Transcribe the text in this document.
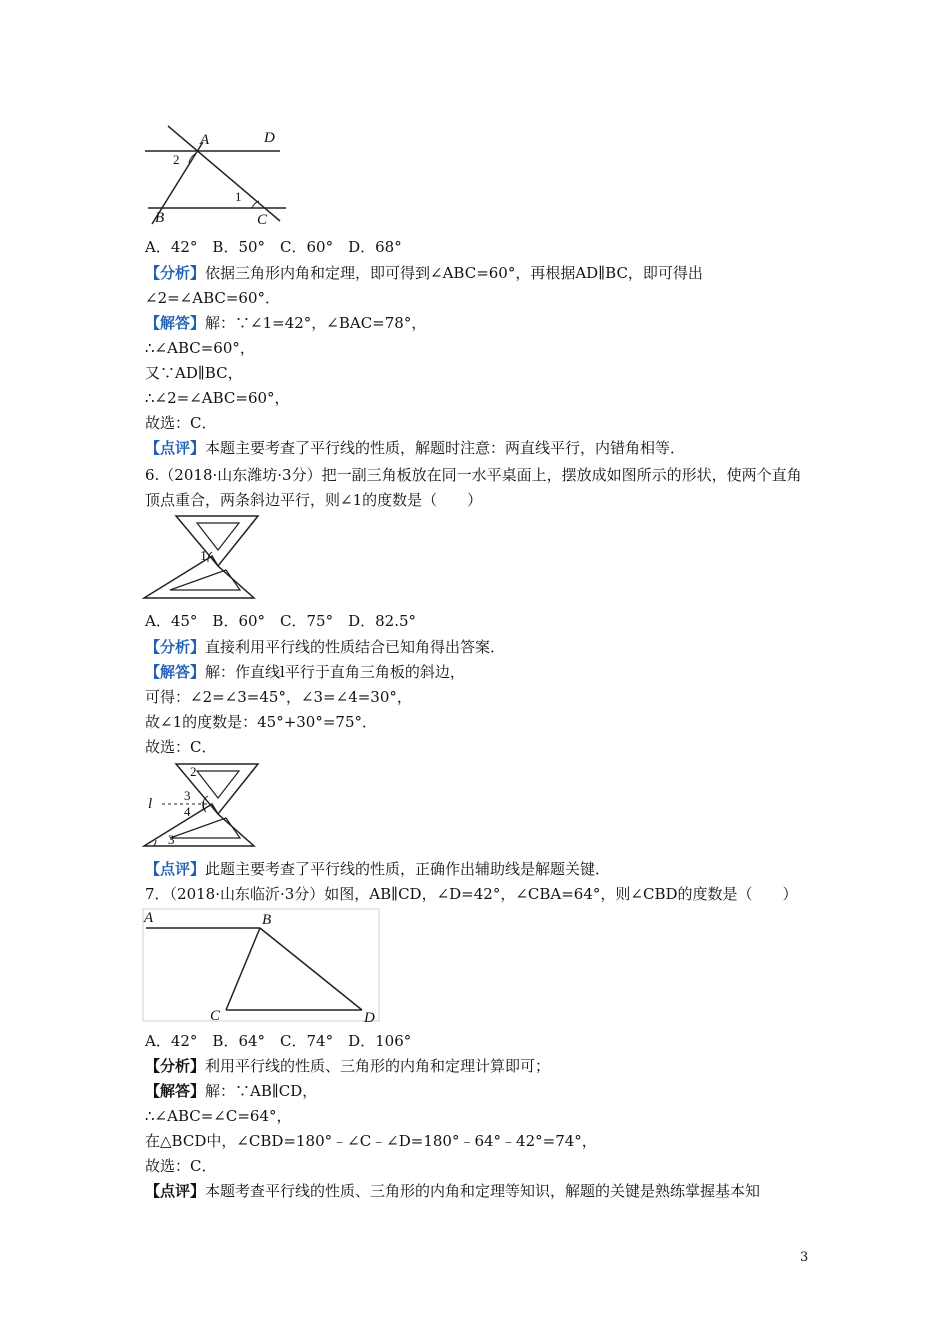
A	D
B	C
2
1
A．42°　B．50°　C．60°　D．68°
【分析】依据三角形内角和定理，即可得到∠ABC=60°，再根据AD∥BC，即可得出
∠2=∠ABC=60°．
【解答】解：∵∠1=42°，∠BAC=78°，
∴∠ABC=60°，
又∵AD∥BC，
∴∠2=∠ABC=60°，
故选：C．
【点评】本题主要考查了平行线的性质，解题时注意：两直线平行，内错角相等．
6.（2018·山东潍坊·3分）把一副三角板放在同一水平桌面上，摆放成如图所示的形状，使两个直角顶点重合，两条斜边平行，则∠1的度数是（　　）
1
A．45°　B．60°　C．75°　D．82.5°
【分析】直接利用平行线的性质结合已知角得出答案．
【解答】解：作直线l平行于直角三角板的斜边，
可得：∠2=∠3=45°，∠3=∠4=30°，
故∠1的度数是：45°+30°=75°．
故选：C．
2
3
4 1
l
3
【点评】此题主要考查了平行线的性质，正确作出辅助线是解题关键．
7．（2018·山东临沂·3分）如图，AB∥CD，∠D=42°，∠CBA=64°，则∠CBD的度数是（　　）
A	B
C	D
A．42°　B．64°　C．74°　D．106°
【分析】利用平行线的性质、三角形的内角和定理计算即可；
【解答】解：∵AB∥CD，
∴∠ABC=∠C=64°，
在△BCD中，∠CBD=180°﹣∠C﹣∠D=180°﹣64°﹣42°=74°，
故选：C．
【点评】本题考查平行线的性质、三角形的内角和定理等知识，解题的关键是熟练掌握基本知
3
